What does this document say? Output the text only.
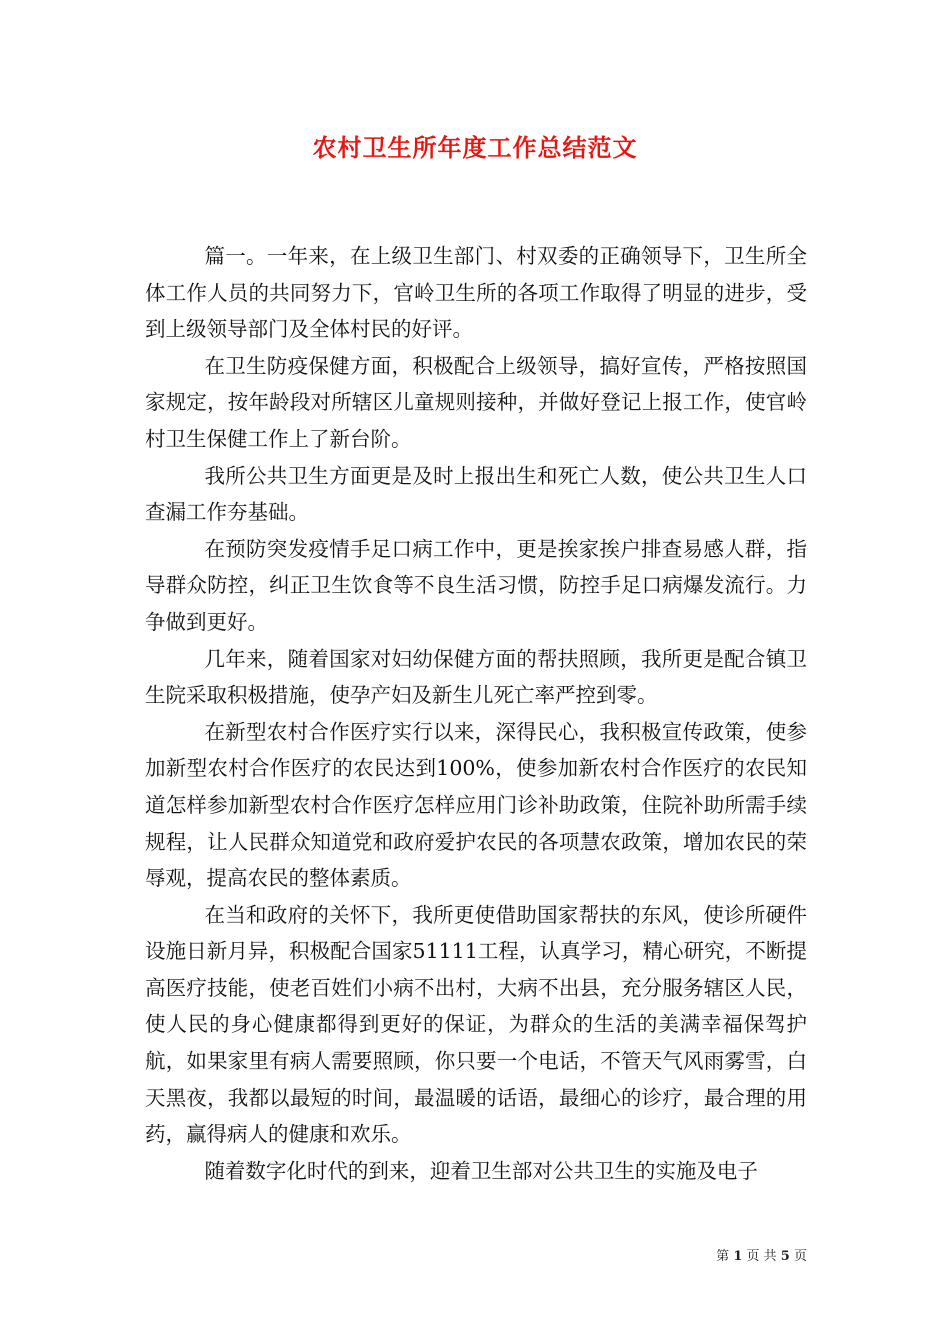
农村卫生所年度工作总结范文

篇一。一年来，在上级卫生部门、村双委的正确领导下，卫生所全体工作人员的共同努力下，官岭卫生所的各项工作取得了明显的进步，受到上级领导部门及全体村民的好评。

在卫生防疫保健方面，积极配合上级领导，搞好宣传，严格按照国家规定，按年龄段对所辖区儿童规则接种，并做好登记上报工作，使官岭村卫生保健工作上了新台阶。

我所公共卫生方面更是及时上报出生和死亡人数，使公共卫生人口查漏工作夯基础。

在预防突发疫情手足口病工作中，更是挨家挨户排查易感人群，指导群众防控，纠正卫生饮食等不良生活习惯，防控手足口病爆发流行。力争做到更好。

几年来，随着国家对妇幼保健方面的帮扶照顾，我所更是配合镇卫生院采取积极措施，使孕产妇及新生儿死亡率严控到零。

在新型农村合作医疗实行以来，深得民心，我积极宣传政策，使参加新型农村合作医疗的农民达到100%，使参加新农村合作医疗的农民知道怎样参加新型农村合作医疗怎样应用门诊补助政策，住院补助所需手续规程，让人民群众知道党和政府爱护农民的各项慧农政策，增加农民的荣辱观，提高农民的整体素质。

在当和政府的关怀下，我所更使借助国家帮扶的东风，使诊所硬件设施日新月异，积极配合国家51111工程，认真学习，精心研究，不断提高医疗技能，使老百姓们小病不出村，大病不出县，充分服务辖区人民，使人民的身心健康都得到更好的保证，为群众的生活的美满幸福保驾护航，如果家里有病人需要照顾，你只要一个电话，不管天气风雨雾雪，白天黑夜，我都以最短的时间，最温暖的话语，最细心的诊疗，最合理的用药，赢得病人的健康和欢乐。

随着数字化时代的到来，迎着卫生部对公共卫生的实施及电子

第 1 页 共 5 页
